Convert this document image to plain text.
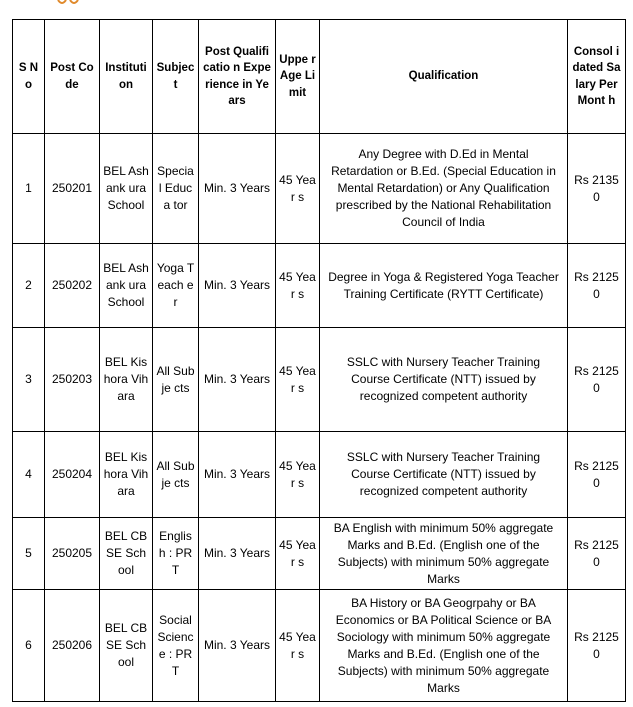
S No	Post Code	Instituti on	Subjec t	Post Qualificatio n Experience in Years	Uppe r Age Limit	Qualification	Consol idated Salary Per Mont h
1	250201	BEL Ashank ura School	Specia l Educa tor	Min. 3 Years	45 Year s	Any Degree with D.Ed in Mental Retardation or B.Ed. (Special Education in Mental Retardation) or Any Qualification prescribed by the National Rehabilitation Council of India	Rs 21350
2	250202	BEL Ashank ura School	Yoga Teach er	Min. 3 Years	45 Year s	Degree in Yoga & Registered Yoga Teacher Training Certificate (RYTT Certificate)	Rs 21250
3	250203	BEL Kishora Vihara	All Subje cts	Min. 3 Years	45 Year s	SSLC with Nursery Teacher Training Course Certificate (NTT) issued by recognized competent authority	Rs 21250
4	250204	BEL Kishora Vihara	All Subje cts	Min. 3 Years	45 Year s	SSLC with Nursery Teacher Training Course Certificate (NTT) issued by recognized competent authority	Rs 21250
5	250205	BEL CBSE School	Englis h : PRT	Min. 3 Years	45 Year s	BA English with minimum 50% aggregate Marks and B.Ed. (English one of the Subjects) with minimum 50% aggregate Marks	Rs 21250
6	250206	BEL CBSE School	Social Scienc e : PRT	Min. 3 Years	45 Year s	BA History or BA Geogrpahy or BA Economics or BA Political Science or BA Sociology with minimum 50% aggregate Marks and B.Ed. (English one of the Subjects) with minimum 50% aggregate Marks	Rs 21250
